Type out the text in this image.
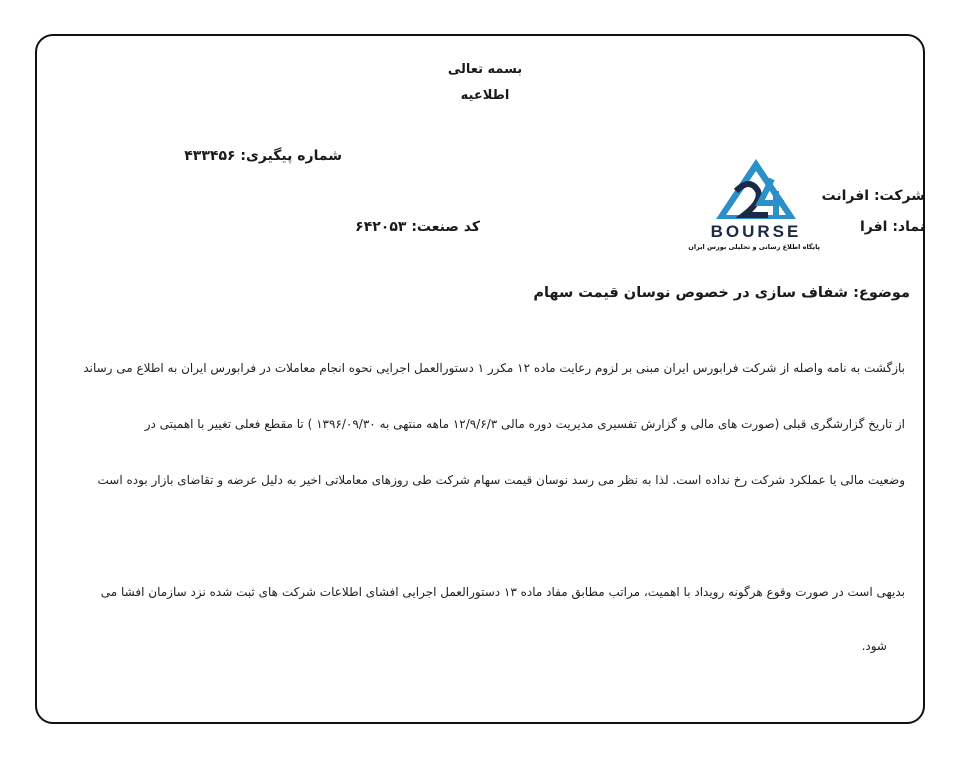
بسمه تعالی
اطلاعیه
شماره پیگیری: ۴۳۳۴۵۶
کد صنعت: ۶۴۲۰۵۳
شرکت: افرانت
نماد: افرا
BOURSE
پایگاه اطلاع رسانی و تحلیلی بورس ایران
موضوع: شفاف سازی در خصوص نوسان قیمت سهام
بازگشت به نامه واصله از شرکت فرابورس ایران مبنی بر لزوم رعایت ماده ۱۲ مکرر ۱ دستورالعمل اجرایی نحوه انجام معاملات در فرابورس ایران به اطلاع می رساند
از تاریخ گزارشگری قبلی (صورت های مالی و گزارش تفسیری مدیریت دوره مالی ۱۲/۹/۶/۳ ماهه منتهی به ۱۳۹۶/۰۹/۳۰ ) تا مقطع فعلی تغییر با اهمیتی در
وضعیت مالی یا عملکرد شرکت رخ نداده است. لذا به نظر می رسد نوسان قیمت سهام شرکت طی روزهای معاملاتی اخیر به دلیل عرضه و تقاضای بازار بوده است
بدیهی است در صورت وقوع هرگونه رویداد با اهمیت، مراتب مطابق مفاد ماده ۱۳ دستورالعمل اجرایی افشای اطلاعات شرکت های ثبت شده نزد سازمان افشا می
شود.
